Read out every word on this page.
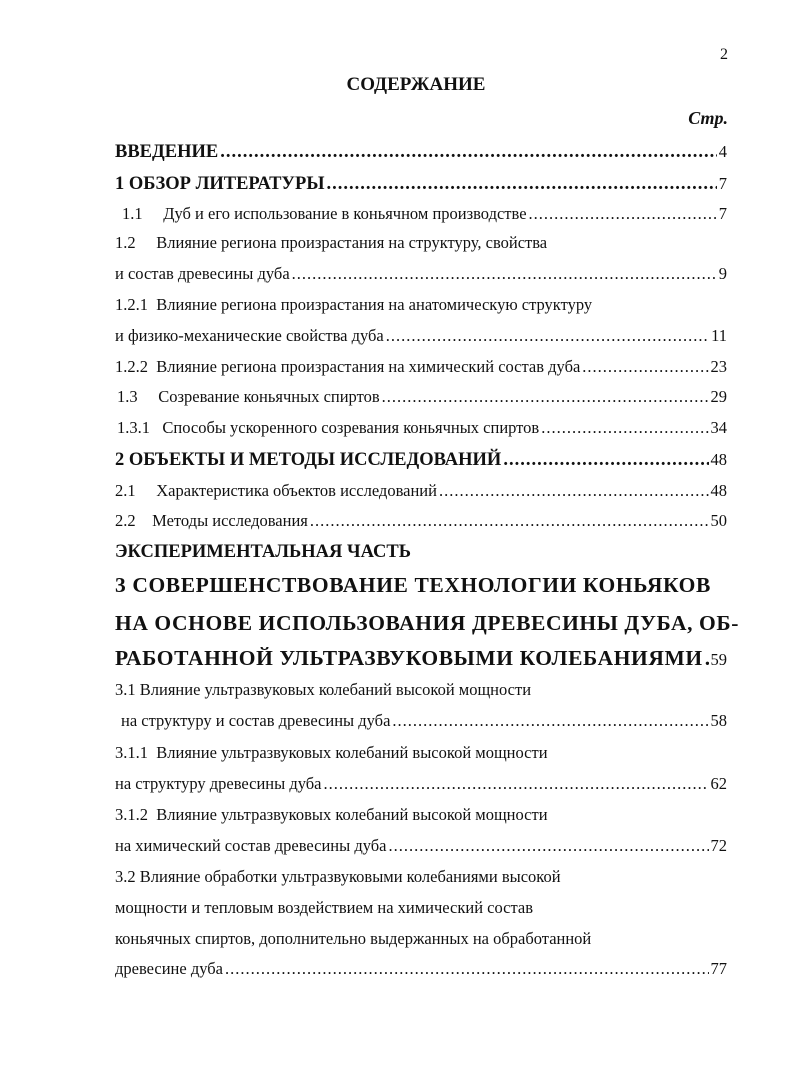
2
СОДЕРЖАНИЕ
Стр.
ВВЕДЕНИЕ .....	4
1 ОБЗОР ЛИТЕРАТУРЫ .....	7
1.1     Дуб и его использование в коньячном производстве .....	7
1.2     Влияние региона произрастания на структуру, свойства
и состав древесины дуба .....	9
1.2.1  Влияние региона произрастания на анатомическую структуру
и физико-механические свойства дуба .....	11
1.2.2  Влияние региона произрастания на химический состав дуба .....	23
1.3     Созревание коньячных спиртов .....	29
1.3.1   Способы ускоренного созревания коньячных спиртов .....	34
2 ОБЪЕКТЫ И МЕТОДЫ ИССЛЕДОВАНИЙ .....	48
2.1     Характеристика объектов исследований .....	48
2.2    Методы исследования .....	50
ЭКСПЕРИМЕНТАЛЬНАЯ ЧАСТЬ
3 СОВЕРШЕНСТВОВАНИЕ ТЕХНОЛОГИИ КОНЬЯКОВ
НА ОСНОВЕ ИСПОЛЬЗОВАНИЯ ДРЕВЕСИНЫ ДУБА, ОБ-
РАБОТАННОЙ УЛЬТРАЗВУКОВЫМИ КОЛЕБАНИЯМИ ..... 59
3.1 Влияние ультразвуковых колебаний высокой мощности
на структуру и состав древесины дуба .....	58
3.1.1  Влияние ультразвуковых колебаний высокой мощности
на структуру древесины дуба .....	62
3.1.2  Влияние ультразвуковых колебаний высокой мощности
на химический состав древесины дуба .....	72
3.2 Влияние обработки ультразвуковыми колебаниями высокой
мощности и тепловым воздействием на химический состав
коньячных спиртов, дополнительно выдержанных на обработанной
древесине дуба .....	77
